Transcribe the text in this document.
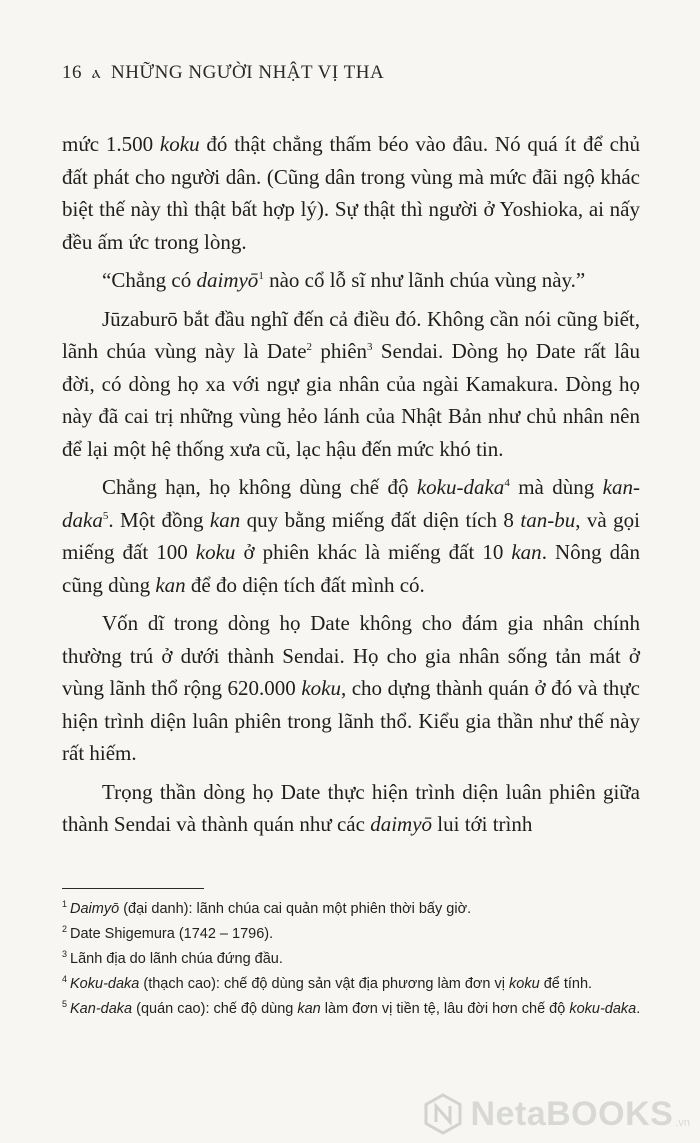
16 ⲁ NHỮNG NGƯỜI NHẬT VỊ THA

mức 1.500 koku đó thật chẳng thấm béo vào đâu. Nó quá ít để chủ đất phát cho người dân. (Cũng dân trong vùng mà mức đãi ngộ khác biệt thế này thì thật bất hợp lý). Sự thật thì người ở Yoshioka, ai nấy đều ấm ức trong lòng.

“Chẳng có daimyō$^1$ nào cổ lỗ sĩ như lãnh chúa vùng này.”

Jūzaburō bắt đầu nghĩ đến cả điều đó. Không cần nói cũng biết, lãnh chúa vùng này là Date$^2$ phiên$^3$ Sendai. Dòng họ Date rất lâu đời, có dòng họ xa với ngự gia nhân của ngài Kamakura. Dòng họ này đã cai trị những vùng hẻo lánh của Nhật Bản như chủ nhân nên để lại một hệ thống xưa cũ, lạc hậu đến mức khó tin.

Chẳng hạn, họ không dùng chế độ koku-daka$^4$ mà dùng kan-daka$^5$. Một đồng kan quy bằng miếng đất diện tích 8 tan-bu, và gọi miếng đất 100 koku ở phiên khác là miếng đất 10 kan. Nông dân cũng dùng kan để đo diện tích đất mình có.

Vốn dĩ trong dòng họ Date không cho đám gia nhân chính thường trú ở dưới thành Sendai. Họ cho gia nhân sống tản mát ở vùng lãnh thổ rộng 620.000 koku, cho dựng thành quán ở đó và thực hiện trình diện luân phiên trong lãnh thổ. Kiểu gia thần như thế này rất hiếm.

Trọng thần dòng họ Date thực hiện trình diện luân phiên giữa thành Sendai và thành quán như các daimyō lui tới trình

$^1$ Daimyō (đại danh): lãnh chúa cai quản một phiên thời bấy giờ.
$^2$ Date Shigemura (1742 – 1796).
$^3$ Lãnh địa do lãnh chúa đứng đầu.
$^4$ Koku-daka (thạch cao): chế độ dùng sản vật địa phương làm đơn vị koku để tính.
$^5$ Kan-daka (quán cao): chế độ dùng kan làm đơn vị tiền tệ, lâu đời hơn chế độ koku-daka.
NetaBOOKS .vn
